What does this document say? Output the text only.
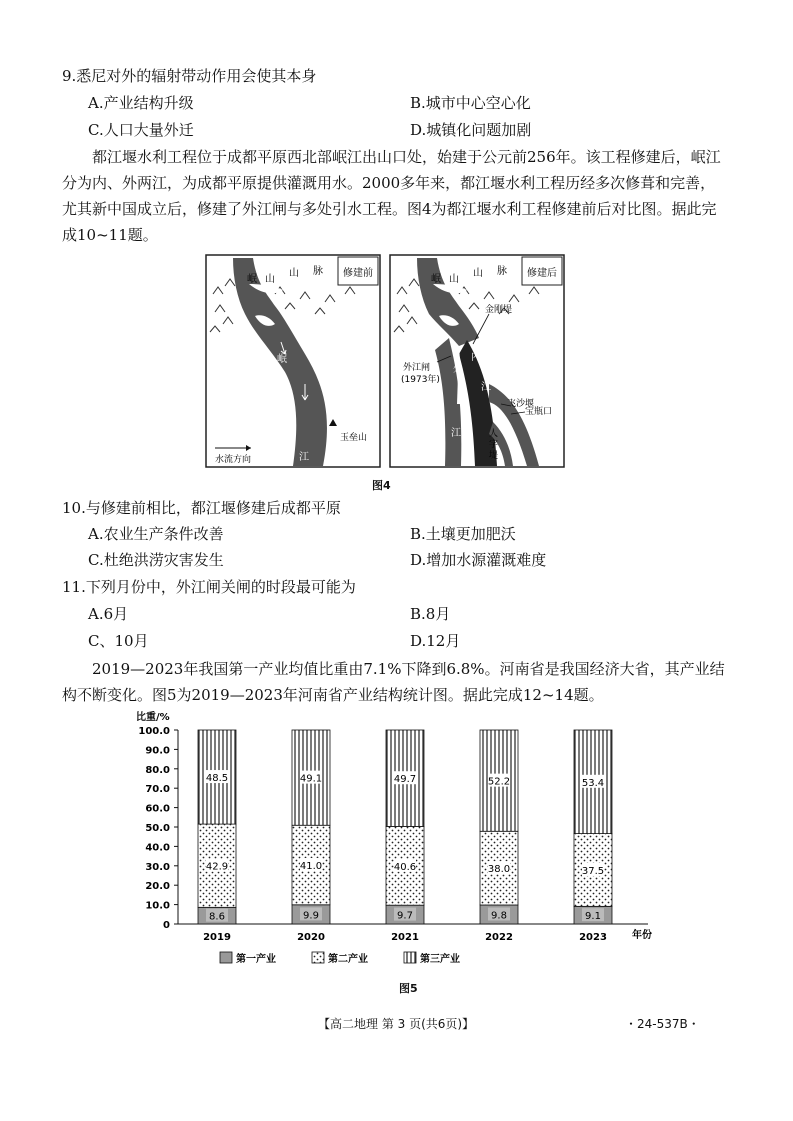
9.悉尼对外的辐射带动作用会使其本身
A.产业结构升级	B.城市中心空心化
C.人口大量外迁	D.城镇化问题加剧
都江堰水利工程位于成都平原西北部岷江出山口处，始建于公元前256年。该工程修建后，岷江分为内、外两江，为成都平原提供灌溉用水。2000多年来，都江堰水利工程历经多次修葺和完善，尤其新中国成立后，修建了外江闸与多处引水工程。图4为都江堰水利工程修建前后对比图。据此完成10~11题。
修建前
岷 山
山 脉
岷
江
玉垒山
水流方向
修建后
岷 山
山 脉
金刚堤
外江闸
(1973年)
外
内
江
江
飞沙堰
宝瓶口
人
字
堤
图4
10.与修建前相比，都江堰修建后成都平原
A.农业生产条件改善	B.土壤更加肥沃
C.杜绝洪涝灾害发生	D.增加水源灌溉难度
11.下列月份中，外江闸关闸的时段最可能为
A.6月	B.8月
C、10月	D.12月
2019—2023年我国第一产业均值比重由7.1%下降到6.8%。河南省是我国经济大省，其产业结构不断变化。图5为2019—2023年河南省产业结构统计图。据此完成12~14题。
比重/%
100.0
90.0
80.0
70.0
60.0
50.0
40.0
30.0
20.0
10.0
0
8.6
42.9
48.5
2019
9.9
41.0
49.1
2020
9.7
40.6
49.7
2021
9.8
38.0
52.2
2022
9.1
37.5
53.4
2023	年份
第一产业	第二产业	第三产业
图5
【高二地理 第 3 页(共6页)】	・24-537B・
